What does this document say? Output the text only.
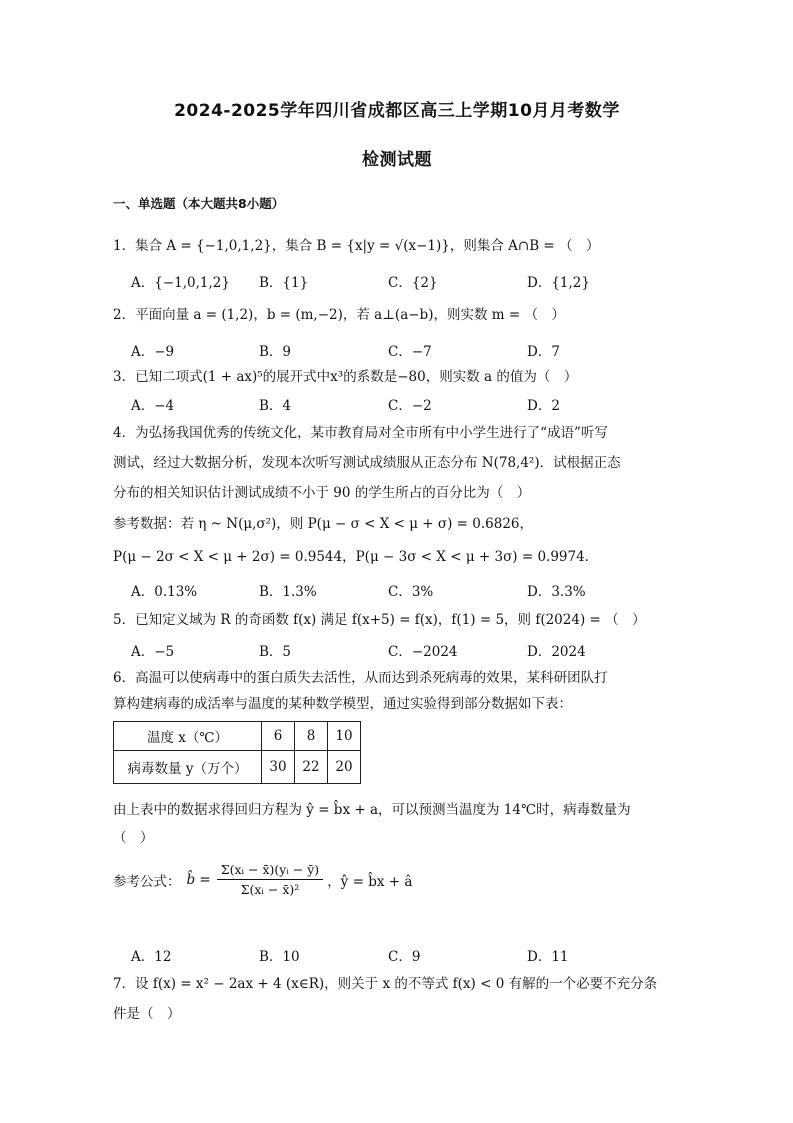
2024-2025学年四川省成都区高三上学期10月月考数学
检测试题
一、单选题（本大题共8小题）
1．集合 A = {−1,0,1,2}，集合 B = {x|y = √(x−1)}，则集合 A∩B = （　）
A．{−1,0,1,2} B．{1}	C．{2}	D．{1,2}
2．平面向量 a = (1,2)，b = (m,−2)，若 a⊥(a−b)，则实数 m = （　）
A．−9	B．9	C．−7	D．7
3．已知二项式(1 + ax)⁵的展开式中x³的系数是−80，则实数 a 的值为（　）
A．−4	B．4	C．−2	D．2
4．为弘扬我国优秀的传统文化，某市教育局对全市所有中小学生进行了“成语”听写
测试，经过大数据分析，发现本次听写测试成绩服从正态分布 N(78,4²)．试根据正态
分布的相关知识估计测试成绩不小于 90 的学生所占的百分比为（　）
参考数据：若 η ~ N(μ,σ²)，则 P(μ − σ < X < μ + σ) = 0.6826，
P(μ − 2σ < X < μ + 2σ) = 0.9544，P(μ − 3σ < X < μ + 3σ) = 0.9974．
A．0.13%	B．1.3%	C．3%	D．3.3%
5．已知定义域为 R 的奇函数 f(x) 满足 f(x+5) = f(x)，f(1) = 5，则 f(2024) = （　）
A．−5	B．5	C．−2024	D．2024
6．高温可以使病毒中的蛋白质失去活性，从而达到杀死病毒的效果，某科研团队打
算构建病毒的成活率与温度的某种数学模型，通过实验得到部分数据如下表：
温度 x（℃）	6	8	10
病毒数量 y（万个）	30	22	20
由上表中的数据求得回归方程为 ŷ = b̂x + a，可以预测当温度为 14℃时，病毒数量为
（　）
参考公式： b̂ = $\frac{\text{Σ(xᵢ − x̄)(yᵢ − ȳ)}}{\text{Σ(xᵢ − x̄)²}}$ ，ŷ = b̂x + â
A．12	B．10	C．9	D．11
7．设 f(x) = x² − 2ax + 4 (x∈R)，则关于 x 的不等式 f(x) < 0 有解的一个必要不充分条
件是（　）
